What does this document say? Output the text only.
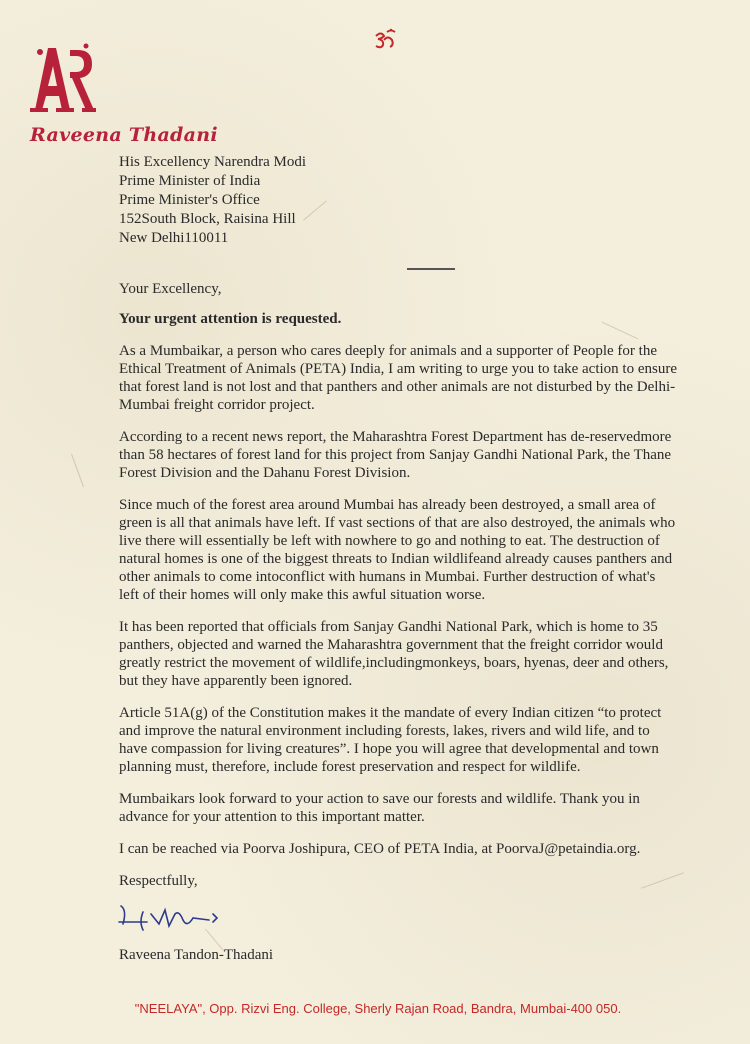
Raveena Thadani
His Excellency Narendra Modi
Prime Minister of India
Prime Minister's Office
152South Block, Raisina Hill
New Delhi110011

Your Excellency,

Your urgent attention is requested.

As a Mumbaikar, a person who cares deeply for animals and a supporter of People for the Ethical Treatment of Animals (PETA) India, I am writing to urge you to take action to ensure that forest land is not lost and that panthers and other animals are not disturbed by the Delhi-Mumbai freight corridor project.

According to a recent news report, the Maharashtra Forest Department has de-reservedmore than 58 hectares of forest land for this project from Sanjay Gandhi National Park, the Thane Forest Division and the Dahanu Forest Division.

Since much of the forest area around Mumbai has already been destroyed, a small area of green is all that animals have left. If vast sections of that are also destroyed, the animals who live there will essentially be left with nowhere to go and nothing to eat. The destruction of natural homes is one of the biggest threats to Indian wildlifeand already causes panthers and other animals to come intoconflict with humans in Mumbai. Further destruction of what's left of their homes will only make this awful situation worse.

It has been reported that officials from Sanjay Gandhi National Park, which is home to 35 panthers, objected and warned the Maharashtra government that the freight corridor would greatly restrict the movement of wildlife,includingmonkeys, boars, hyenas, deer and others, but they have apparently been ignored.

Article 51A(g) of the Constitution makes it the mandate of every Indian citizen “to protect and improve the natural environment including forests, lakes, rivers and wild life, and to have compassion for living creatures”. I hope you will agree that developmental and town planning must, therefore, include forest preservation and respect for wildlife.

Mumbaikars look forward to your action to save our forests and wildlife. Thank you in advance for your attention to this important matter.

I can be reached via Poorva Joshipura, CEO of PETA India, at PoorvaJ@petaindia.org.

Respectfully,

Raveena Tandon-Thadani

"NEELAYA", Opp. Rizvi Eng. College, Sherly Rajan Road, Bandra, Mumbai-400 050.
